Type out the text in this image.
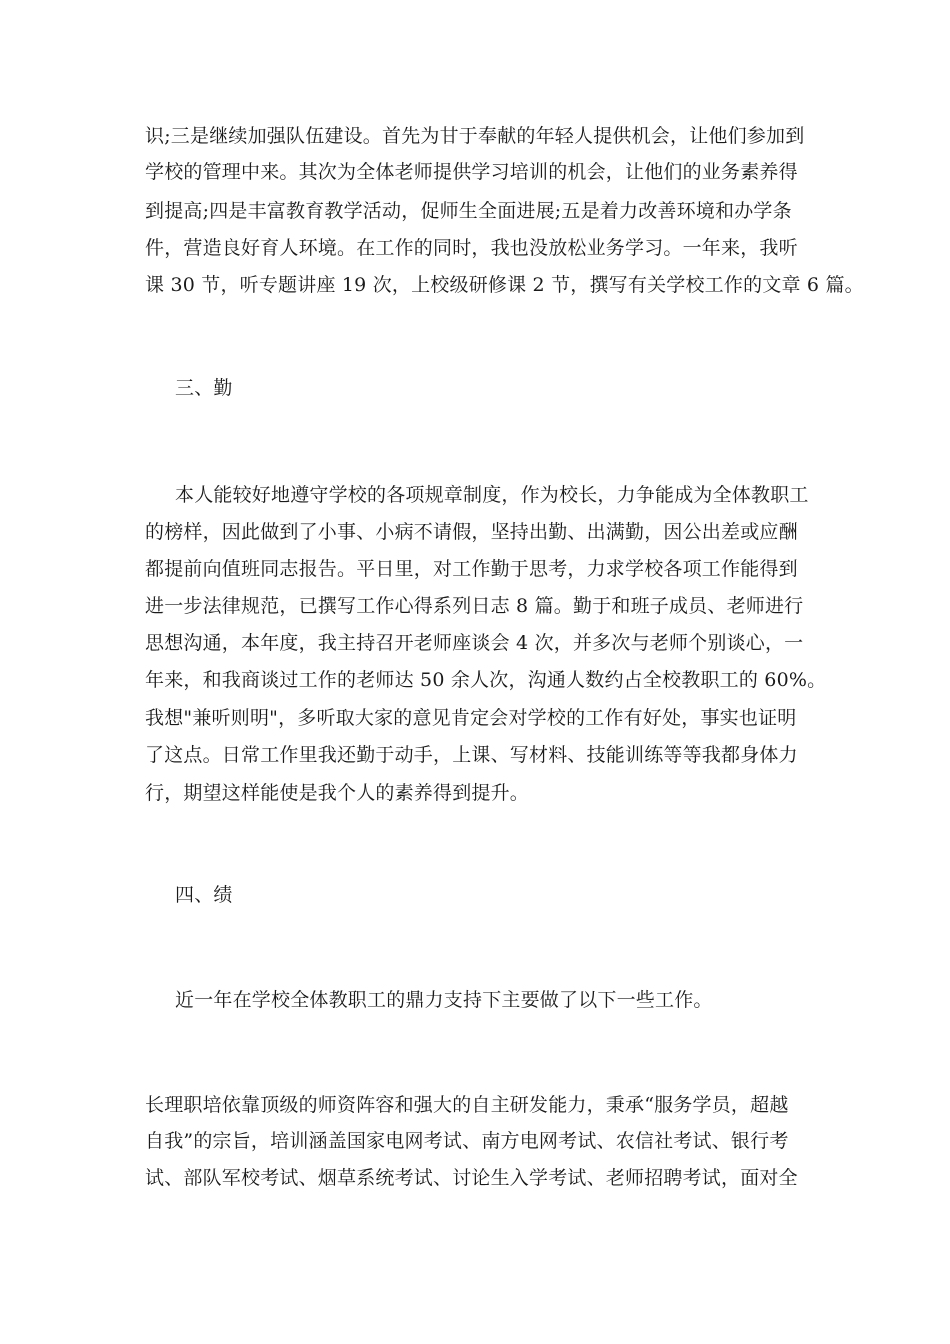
识;三是继续加强队伍建设。首先为甘于奉献的年轻人提供机会，让他们参加到
学校的管理中来。其次为全体老师提供学习培训的机会，让他们的业务素养得
到提高;四是丰富教育教学活动，促师生全面进展;五是着力改善环境和办学条
件，营造良好育人环境。在工作的同时，我也没放松业务学习。一年来，我听
课 30 节，听专题讲座 19 次，上校级研修课 2 节，撰写有关学校工作的文章 6 篇。
三、勤
本人能较好地遵守学校的各项规章制度，作为校长，力争能成为全体教职工
的榜样，因此做到了小事、小病不请假，坚持出勤、出满勤，因公出差或应酬
都提前向值班同志报告。平日里，对工作勤于思考，力求学校各项工作能得到
进一步法律规范，已撰写工作心得系列日志 8 篇。勤于和班子成员、老师进行
思想沟通，本年度，我主持召开老师座谈会 4 次，并多次与老师个别谈心，一
年来，和我商谈过工作的老师达 50 余人次，沟通人数约占全校教职工的 60%。
我想"兼听则明"，多听取大家的意见肯定会对学校的工作有好处，事实也证明
了这点。日常工作里我还勤于动手，上课、写材料、技能训练等等我都身体力
行，期望这样能使是我个人的素养得到提升。
四、绩
近一年在学校全体教职工的鼎力支持下主要做了以下一些工作。
长理职培依靠顶级的师资阵容和强大的自主研发能力，秉承“服务学员，超越
自我”的宗旨，培训涵盖国家电网考试、南方电网考试、农信社考试、银行考
试、部队军校考试、烟草系统考试、讨论生入学考试、老师招聘考试，面对全
